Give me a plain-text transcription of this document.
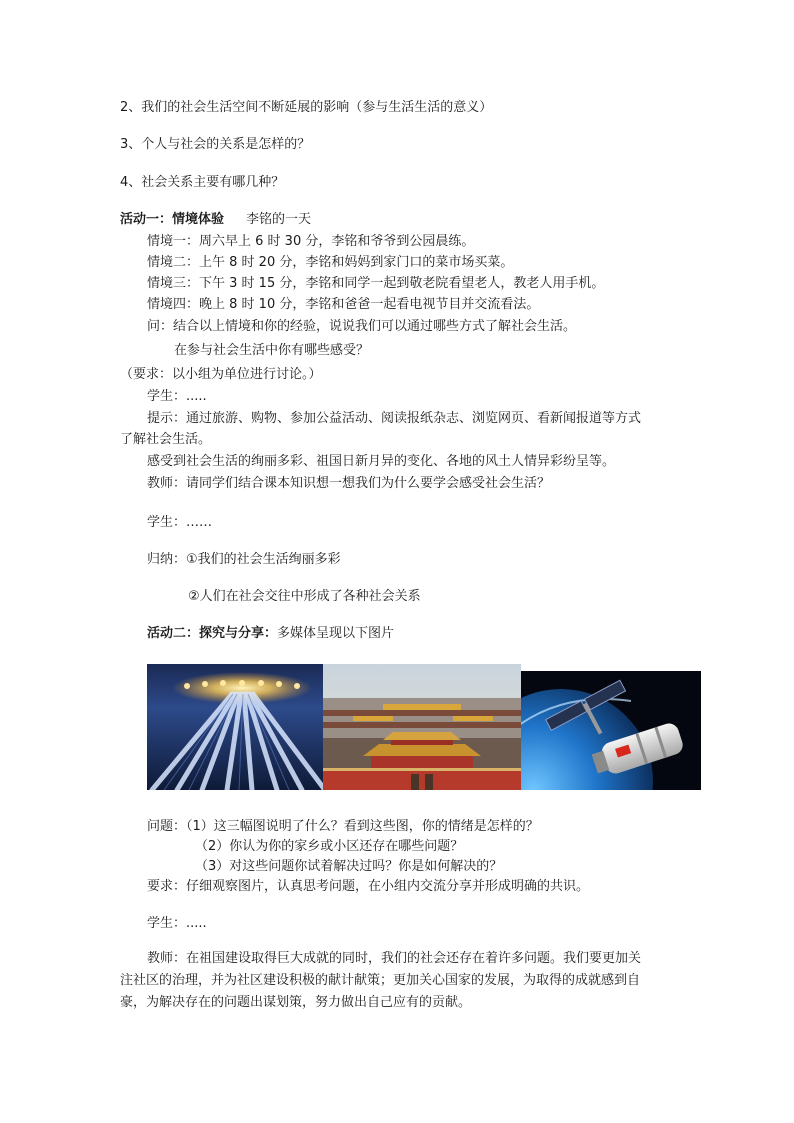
2、我们的社会生活空间不断延展的影响（参与生活生活的意义）
3、个人与社会的关系是怎样的？
4、社会关系主要有哪几种？
活动一：情境体验 李铭的一天
情境一：周六早上 6 时 30 分，李铭和爷爷到公园晨练。
情境二：上午 8 时 20 分，李铭和妈妈到家门口的菜市场买菜。
情境三：下午 3 时 15 分，李铭和同学一起到敬老院看望老人，教老人用手机。
情境四：晚上 8 时 10 分，李铭和爸爸一起看电视节目并交流看法。
问：结合以上情境和你的经验，说说我们可以通过哪些方式了解社会生活。
在参与社会生活中你有哪些感受？
（要求：以小组为单位进行讨论。）
学生：.....
提示：通过旅游、购物、参加公益活动、阅读报纸杂志、浏览网页、看新闻报道等方式
了解社会生活。
感受到社会生活的绚丽多彩、祖国日新月异的变化、各地的风土人情异彩纷呈等。
教师：请同学们结合课本知识想一想我们为什么要学会感受社会生活？
学生：……
归纳：①我们的社会生活绚丽多彩
②人们在社会交往中形成了各种社会关系
活动二：探究与分享：多媒体呈现以下图片
问题：（1）这三幅图说明了什么？看到这些图，你的情绪是怎样的？
（2）你认为你的家乡或小区还存在哪些问题？
（3）对这些问题你试着解决过吗？你是如何解决的？
要求：仔细观察图片，认真思考问题，在小组内交流分享并形成明确的共识。
学生：.....
教师：在祖国建设取得巨大成就的同时，我们的社会还存在着许多问题。我们要更加关
注社区的治理，并为社区建设积极的献计献策；更加关心国家的发展，为取得的成就感到自
豪，为解决存在的问题出谋划策，努力做出自己应有的贡献。
